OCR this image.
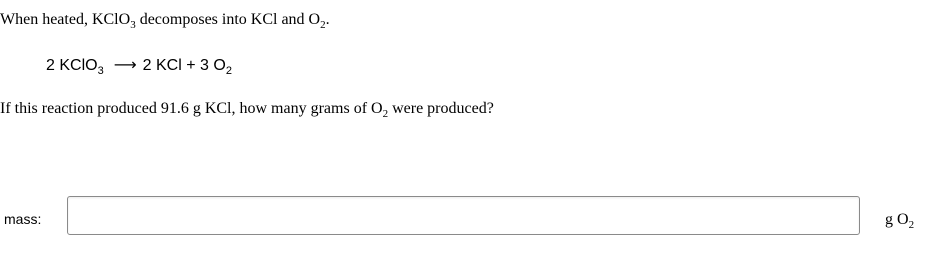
When heated, KClO$_3$ decomposes into KCl and $O_2$.
2 KClO$_3$ ⟶ 2 KCl + 3 $O_2$
If this reaction produced 91.6 g KCl, how many grams of $O_2$ were produced?
mass:	g $O_2$
